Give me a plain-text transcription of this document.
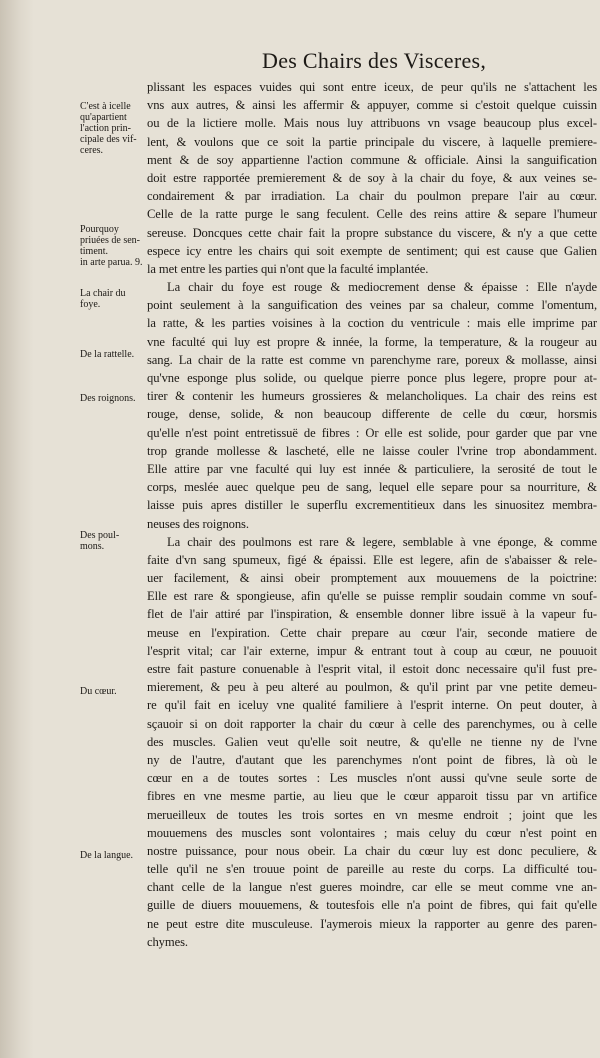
Des Chairs des Visceres,
C'est à icelle
qu'apartient
l'action prin-
cipale des vif-
ceres.
Pourquoy
priuées de sen-
timent.
in arte parua. 9.
La chair du
foye.
De la rattelle.
Des roignons.
Des poul-
mons.
Du cœur.
De la langue.
plissant les espaces vuides qui sont entre iceux, de peur qu'ils ne s'attachent les
vns aux autres, & ainsi les affermir & appuyer, comme si c'estoit quelque cuissin
ou de la lictiere molle. Mais nous luy attribuons vn vsage beaucoup plus excel-
lent, & voulons que ce soit la partie principale du viscere, à laquelle premiere-
ment & de soy appartienne l'action commune & officiale. Ainsi la sanguification
doit estre rapportée premierement & de soy à la chair du foye, & aux veines se-
condairement & par irradiation. La chair du poulmon prepare l'air au cœur.
Celle de la ratte purge le sang feculent. Celle des reins attire & separe l'humeur
sereuse. Doncques cette chair fait la propre substance du viscere, & n'y a que cette
espece icy entre les chairs qui soit exempte de sentiment; qui est cause que Galien
la met entre les parties qui n'ont que la faculté implantée.
La chair du foye est rouge & mediocrement dense & épaisse : Elle n'ayde
point seulement à la sanguification des veines par sa chaleur, comme l'omentum,
la ratte, & les parties voisines à la coction du ventricule : mais elle imprime par
vne faculté qui luy est propre & innée, la forme, la temperature, & la rougeur au
sang. La chair de la ratte est comme vn parenchyme rare, poreux & mollasse, ainsi
qu'vne esponge plus solide, ou quelque pierre ponce plus legere, propre pour at-
tirer & contenir les humeurs grossieres & melancholiques. La chair des reins est
rouge, dense, solide, & non beaucoup differente de celle du cœur, horsmis
qu'elle n'est point entretissuë de fibres : Or elle est solide, pour garder que par vne
trop grande mollesse & lascheté, elle ne laisse couler l'vrine trop abondamment.
Elle attire par vne faculté qui luy est innée & particuliere, la serosité de tout le
corps, meslée auec quelque peu de sang, lequel elle separe pour sa nourriture, &
laisse puis apres distiller le superflu excrementitieux dans les sinuositez membra-
neuses des roignons.
La chair des poulmons est rare & legere, semblable à vne éponge, & comme
faite d'vn sang spumeux, figé & épaissi. Elle est legere, afin de s'abaisser & rele-
uer facilement, & ainsi obeir promptement aux mouuemens de la poictrine:
Elle est rare & spongieuse, afin qu'elle se puisse remplir soudain comme vn souf-
flet de l'air attiré par l'inspiration, & ensemble donner libre issuë à la vapeur fu-
meuse en l'expiration. Cette chair prepare au cœur l'air, seconde matiere de
l'esprit vital; car l'air externe, impur & entrant tout à coup au cœur, ne pouuoit
estre fait pasture conuenable à l'esprit vital, il estoit donc necessaire qu'il fust pre-
mierement, & peu à peu alteré au poulmon, & qu'il print par vne petite demeu-
re qu'il fait en iceluy vne qualité familiere à l'esprit interne. On peut douter, à
sçauoir si on doit rapporter la chair du cœur à celle des parenchymes, ou à celle
des muscles. Galien veut qu'elle soit neutre, & qu'elle ne tienne ny de l'vne
ny de l'autre, d'autant que les parenchymes n'ont point de fibres, là où le
cœur en a de toutes sortes : Les muscles n'ont aussi qu'vne seule sorte de
fibres en vne mesme partie, au lieu que le cœur apparoit tissu par vn artifice
merueilleux de toutes les trois sortes en vn mesme endroit ; joint que les
mouuemens des muscles sont volontaires ; mais celuy du cœur n'est point en
nostre puissance, pour nous obeir. La chair du cœur luy est donc peculiere, &
telle qu'il ne s'en trouue point de pareille au reste du corps. La difficulté tou-
chant celle de la langue n'est gueres moindre, car elle se meut comme vne an-
guille de diuers mouuemens, & toutesfois elle n'a point de fibres, qui fait qu'elle
ne peut estre dite musculeuse. I'aymerois mieux la rapporter au genre des paren-
chymes.
